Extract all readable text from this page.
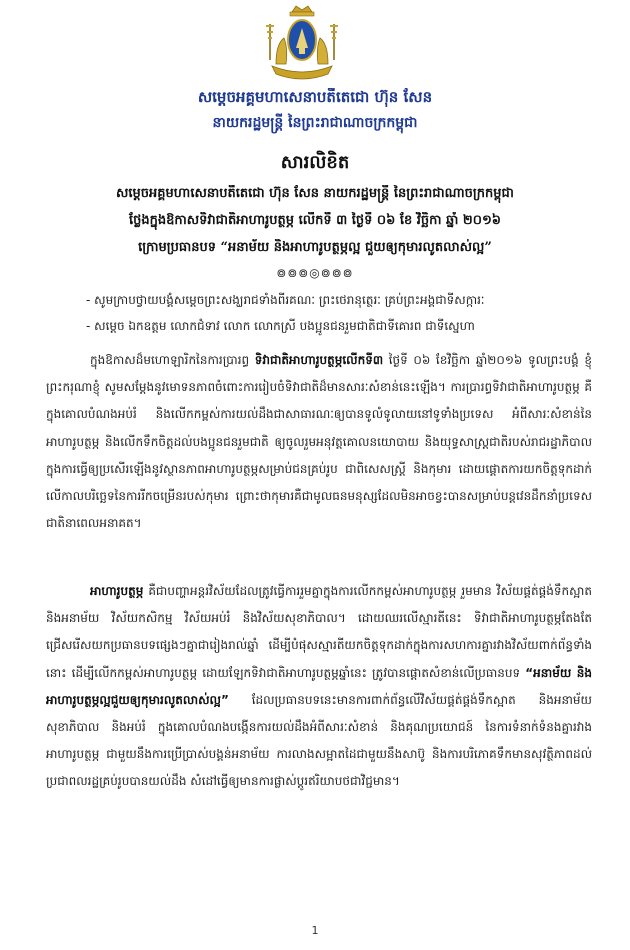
សម្តេចអគ្គមហាសេនាបតីតេជោ ហ៊ុន សែន
នាយករដ្ឋមន្ត្រី នៃព្រះរាជាណាចក្រកម្ពុជា
សារលិខិត
សម្តេចអគ្គមហាសេនាបតីតេជោ ហ៊ុន សែន នាយករដ្ឋមន្ត្រី នៃព្រះរាជាណាចក្រកម្ពុជា
ថ្លែងក្នុងឱកាសទិវាជាតិអាហារូបត្ថម្ភ លើកទី ៣ ថ្ងៃទី ០៦ ខែ វិច្ឆិកា ឆ្នាំ ២០១៦
ក្រោមប្រធានបទ “អនាម័យ និងអាហារូបត្ថម្ភល្អ ជួយឲ្យកុមារលូតលាស់ល្អ”
៙៙៙◎៙៙៙
- សូមក្រាបថ្វាយបង្គំសម្តេចព្រះសង្ឃរាជទាំងពីរគណៈ ព្រះថេរានុត្ថេរៈ គ្រប់ព្រះអង្គជាទីសក្ការៈ
- សម្តេច ឯកឧត្តម លោកជំទាវ លោក លោកស្រី បងប្អូនជនរួមជាតិជាទីគោរព ជាទីស្នេហា
ក្នុងឱកាសដ៏មហោឡារិកនៃការប្រារព្ធ ទិវាជាតិអាហារូបត្ថម្ភលើកទី៣ ថ្ងៃទី ០៦ ខែវិច្ឆិកា ឆ្នាំ២០១៦ ទូលព្រះបង្គំ ខ្ញុំព្រះករុណាខ្ញុំ សូមសម្តែងនូវមោទនភាពចំពោះការរៀបចំទិវាជាតិដ៏មានសារៈសំខាន់នេះឡើង។ ការប្រារព្ធទិវាជាតិអាហារូបត្ថម្ភ គឺក្នុងគោលបំណងអប់រំ និងលើកកម្ពស់ការយល់ដឹងជាសាធារណៈឲ្យបានទូលំទូលាយនៅទូទាំងប្រទេស អំពីសារៈសំខាន់នៃអាហារូបត្ថម្ភ និងលើកទឹកចិត្តដល់បងប្អូនជនរួមជាតិ ឲ្យចូលរួមអនុវត្តគោលនយោបាយ និងយុទ្ធសាស្ត្រជាតិរបស់រាជរដ្ឋាភិបាល ក្នុងការធ្វើឲ្យប្រសើរឡើងនូវស្ថានភាពអាហារូបត្ថម្ភសម្រាប់ជនគ្រប់រូប ជាពិសេសស្ត្រី និងកុមារ ដោយផ្តោតការយកចិត្តទុកដាក់លើកាលបរិច្ឆេទនៃការរីកចម្រើនរបស់កុមារ ព្រោះថាកុមារគឺជាមូលធនមនុស្សដែលមិនអាចខ្វះបានសម្រាប់បន្តវេនដឹកនាំប្រទេសជាតិនាពេលអនាគត។
អាហារូបត្ថម្ភ គឺជាបញ្ហាអន្តរវិស័យដែលត្រូវធ្វើការរួមគ្នាក្នុងការលើកកម្ពស់អាហារូបត្ថម្ភ រួមមាន វិស័យផ្គត់ផ្គង់ទឹកស្អាត និងអនាម័យ វិស័យកសិកម្ម វិស័យអប់រំ និងវិស័យសុខាភិបាល។ ដោយឈរលើស្មារតីនេះ ទិវាជាតិអាហារូបត្ថម្ភតែងតែជ្រើសរើសយកប្រធានបទផ្សេងៗគ្នាជារៀងរាល់ឆ្នាំ ដើម្បីបំផុសស្មារតីយកចិត្តទុកដាក់ក្នុងការសហការគ្នារវាងវិស័យពាក់ព័ន្ធទាំងនោះ ដើម្បីលើកកម្ពស់អាហារូបត្ថម្ភ ដោយឡែកទិវាជាតិអាហារូបត្ថម្ភឆ្នាំនេះ ត្រូវបានផ្តោតសំខាន់លើប្រធានបទ “អនាម័យ និងអាហារូបត្ថម្ភល្អជួយឲ្យកុមារលូតលាស់ល្អ” ដែលប្រធានបទនេះមានការពាក់ព័ន្ធលើវិស័យផ្គត់ផ្គង់ទឹកស្អាត និងអនាម័យ សុខាភិបាល និងអប់រំ ក្នុងគោលបំណងបង្កើនការយល់ដឹងអំពីសារៈសំខាន់ និងគុណប្រយោជន៍ នៃការទំនាក់ទំនងគ្នារវាងអាហារូបត្ថម្ភ ជាមួយនឹងការប្រើប្រាស់បង្គន់អនាម័យ ការលាងសម្អាតដៃជាមួយនឹងសាប៊ូ និងការបរិភោគទឹកមានសុវត្ថិភាពដល់ប្រជាពលរដ្ឋគ្រប់រូបបានយល់ដឹង សំដៅធ្វើឲ្យមានការផ្លាស់ប្តូរឥរិយាបថជាវិជ្ជមាន។
1
